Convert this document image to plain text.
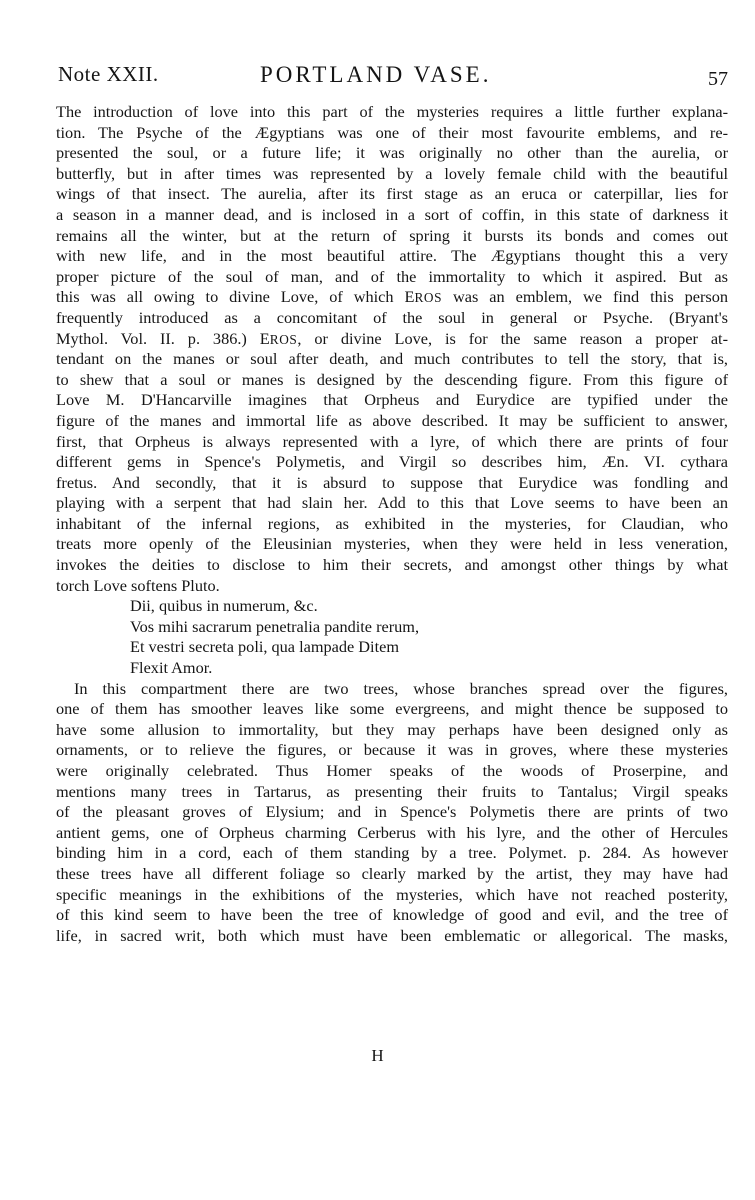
Note XXII.	PORTLAND VASE.	57
The introduction of love into this part of the mysteries requires a little further explana-
tion. The Psyche of the Ægyptians was one of their most favourite emblems, and re-
presented the soul, or a future life; it was originally no other than the aurelia, or
butterfly, but in after times was represented by a lovely female child with the beautiful
wings of that insect. The aurelia, after its first stage as an eruca or caterpillar, lies for
a season in a manner dead, and is inclosed in a sort of coffin, in this state of darkness it
remains all the winter, but at the return of spring it bursts its bonds and comes out
with new life, and in the most beautiful attire. The Ægyptians thought this a very
proper picture of the soul of man, and of the immortality to which it aspired. But as
this was all owing to divine Love, of which EROS was an emblem, we find this person
frequently introduced as a concomitant of the soul in general or Psyche. (Bryant's
Mythol. Vol. II. p. 386.) EROS, or divine Love, is for the same reason a proper at-
tendant on the manes or soul after death, and much contributes to tell the story, that is,
to shew that a soul or manes is designed by the descending figure. From this figure of
Love M. D'Hancarville imagines that Orpheus and Eurydice are typified under the
figure of the manes and immortal life as above described. It may be sufficient to answer,
first, that Orpheus is always represented with a lyre, of which there are prints of four
different gems in Spence's Polymetis, and Virgil so describes him, Æn. VI. cythara
fretus. And secondly, that it is absurd to suppose that Eurydice was fondling and
playing with a serpent that had slain her. Add to this that Love seems to have been an
inhabitant of the infernal regions, as exhibited in the mysteries, for Claudian, who
treats more openly of the Eleusinian mysteries, when they were held in less veneration,
invokes the deities to disclose to him their secrets, and amongst other things by what
torch Love softens Pluto.
Dii, quibus in numerum, &c.
Vos mihi sacrarum penetralia pandite rerum,
Et vestri secreta poli, qua lampade Ditem
Flexit Amor.
In this compartment there are two trees, whose branches spread over the figures,
one of them has smoother leaves like some evergreens, and might thence be supposed to
have some allusion to immortality, but they may perhaps have been designed only as
ornaments, or to relieve the figures, or because it was in groves, where these mysteries
were originally celebrated. Thus Homer speaks of the woods of Proserpine, and
mentions many trees in Tartarus, as presenting their fruits to Tantalus; Virgil speaks
of the pleasant groves of Elysium; and in Spence's Polymetis there are prints of two
antient gems, one of Orpheus charming Cerberus with his lyre, and the other of Hercules
binding him in a cord, each of them standing by a tree. Polymet. p. 284. As however
these trees have all different foliage so clearly marked by the artist, they may have had
specific meanings in the exhibitions of the mysteries, which have not reached posterity,
of this kind seem to have been the tree of knowledge of good and evil, and the tree of
life, in sacred writ, both which must have been emblematic or allegorical. The masks,
H
